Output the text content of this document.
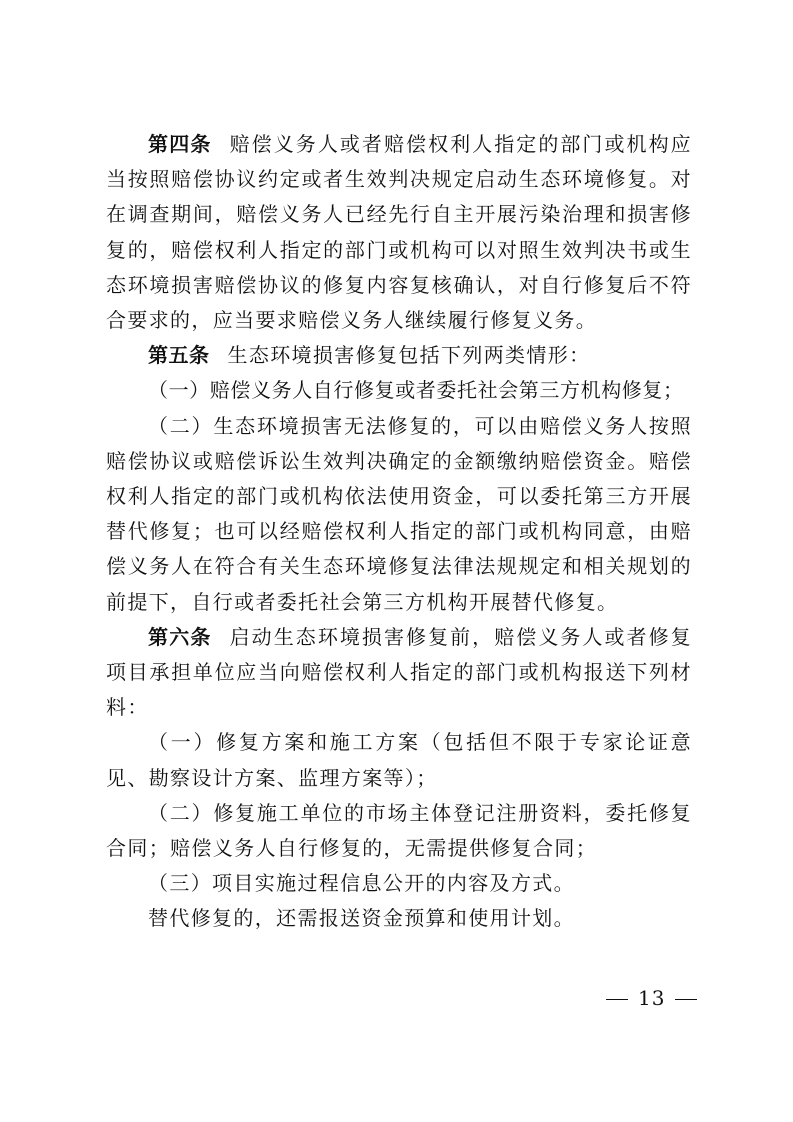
第四条 赔偿义务人或者赔偿权利人指定的部门或机构应当按照赔偿协议约定或者生效判决规定启动生态环境修复。对在调查期间，赔偿义务人已经先行自主开展污染治理和损害修复的，赔偿权利人指定的部门或机构可以对照生效判决书或生态环境损害赔偿协议的修复内容复核确认，对自行修复后不符合要求的，应当要求赔偿义务人继续履行修复义务。

第五条 生态环境损害修复包括下列两类情形：

（一）赔偿义务人自行修复或者委托社会第三方机构修复；

（二）生态环境损害无法修复的，可以由赔偿义务人按照赔偿协议或赔偿诉讼生效判决确定的金额缴纳赔偿资金。赔偿权利人指定的部门或机构依法使用资金，可以委托第三方开展替代修复；也可以经赔偿权利人指定的部门或机构同意，由赔偿义务人在符合有关生态环境修复法律法规规定和相关规划的前提下，自行或者委托社会第三方机构开展替代修复。

第六条 启动生态环境损害修复前，赔偿义务人或者修复项目承担单位应当向赔偿权利人指定的部门或机构报送下列材料：

（一）修复方案和施工方案（包括但不限于专家论证意见、勘察设计方案、监理方案等）；

（二）修复施工单位的市场主体登记注册资料，委托修复合同；赔偿义务人自行修复的，无需提供修复合同；

（三）项目实施过程信息公开的内容及方式。

替代修复的，还需报送资金预算和使用计划。

13
